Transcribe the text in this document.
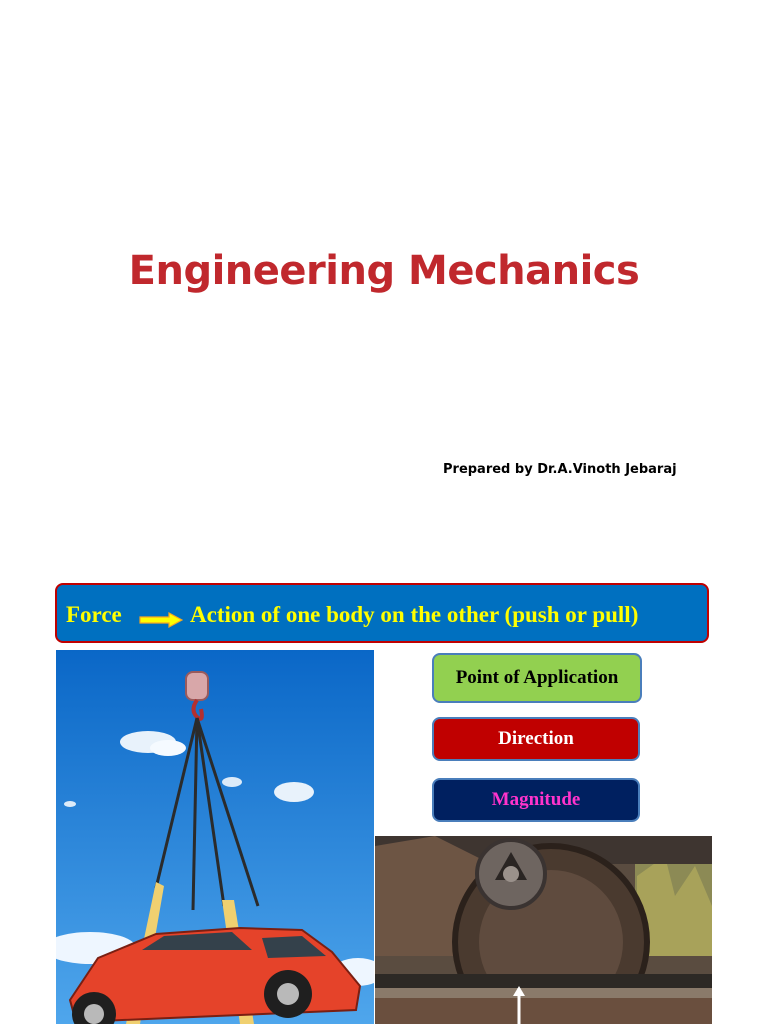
Engineering Mechanics
Prepared by Dr.A.Vinoth Jebaraj
Force	Action of one body on the other (push or pull)
Point of Application
Direction
Magnitude
